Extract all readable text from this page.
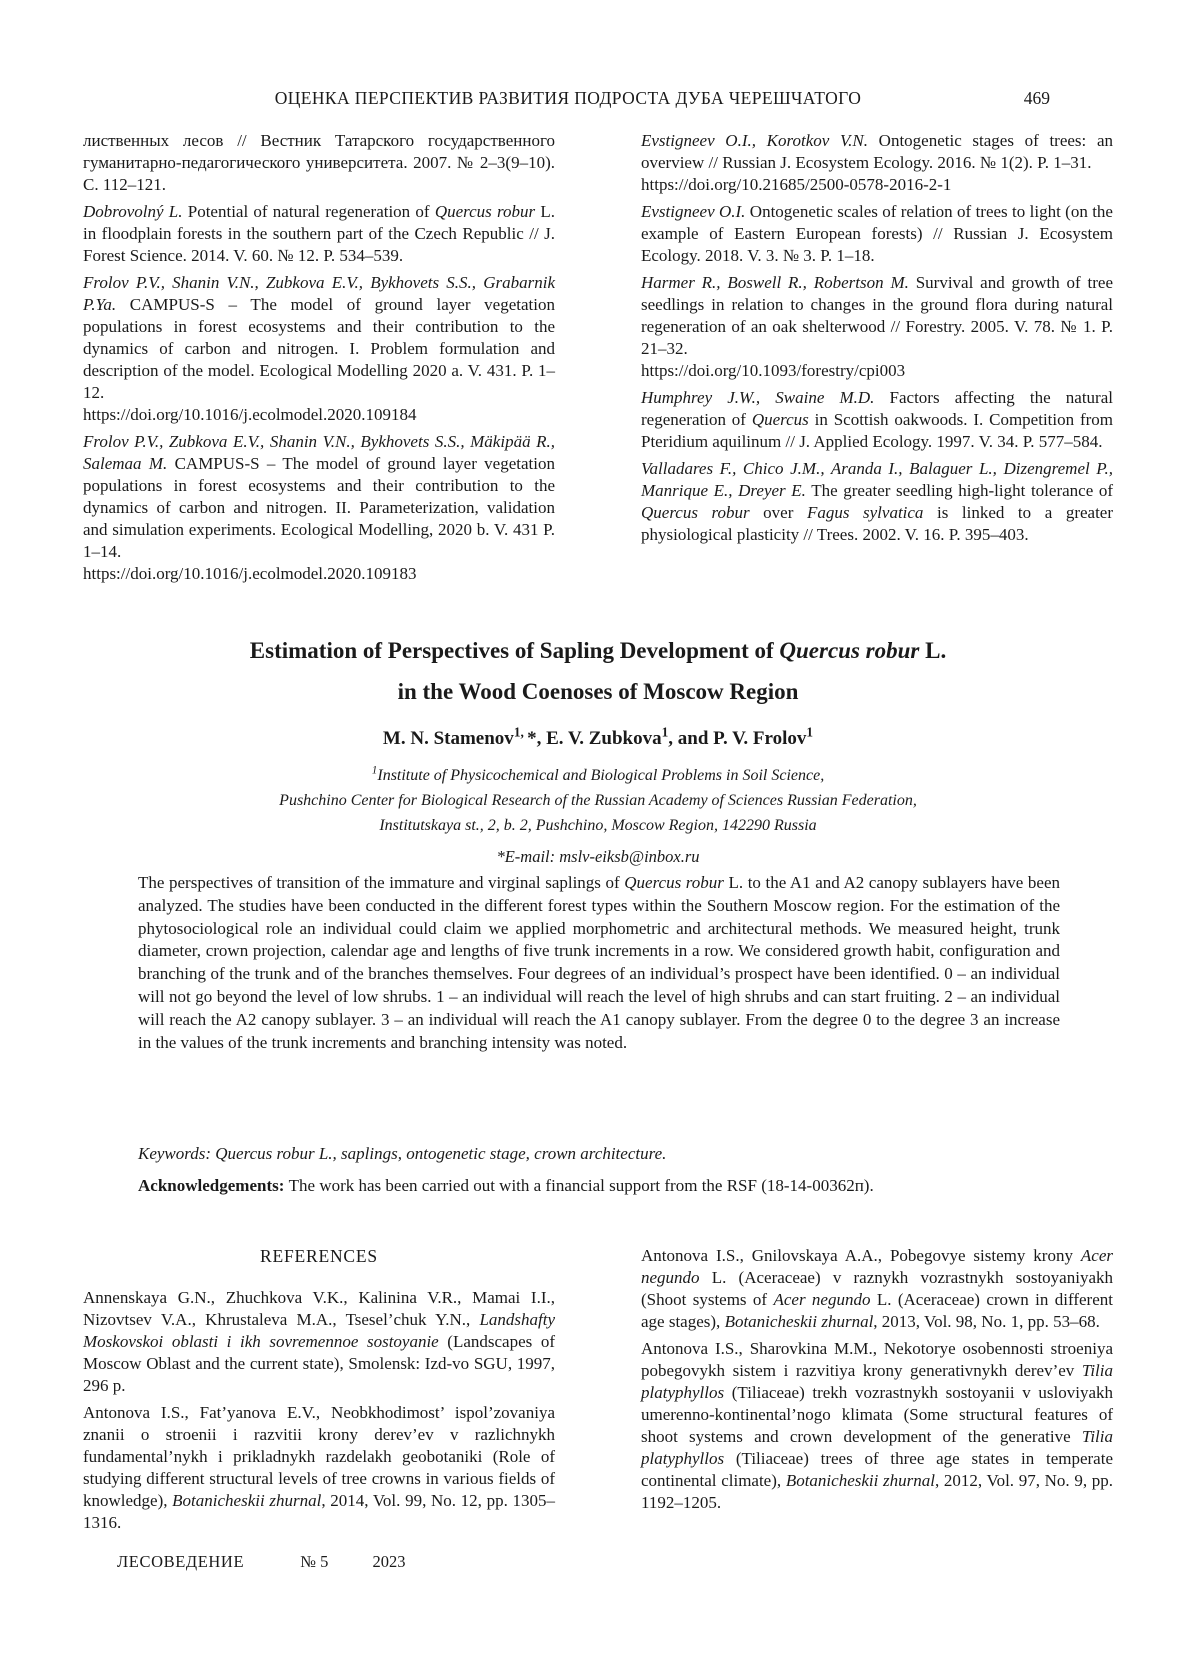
ОЦЕНКА ПЕРСПЕКТИВ РАЗВИТИЯ ПОДРОСТА ДУБА ЧЕРЕШЧАТОГО	469
лиственных лесов // Вестник Татарского государственного гуманитарно-педагогического университета. 2007. № 2–3(9–10). С. 112–121.
Dobrovolný L. Potential of natural regeneration of Quercus robur L. in floodplain forests in the southern part of the Czech Republic // J. Forest Science. 2014. V. 60. № 12. P. 534–539.
Frolov P.V., Shanin V.N., Zubkova E.V., Bykhovets S.S., Grabarnik P.Ya. CAMPUS-S – The model of ground layer vegetation populations in forest ecosystems and their contribution to the dynamics of carbon and nitrogen. I. Problem formulation and description of the model. Ecological Modelling 2020 a. V. 431. P. 1–12.
https://doi.org/10.1016/j.ecolmodel.2020.109184
Frolov P.V., Zubkova E.V., Shanin V.N., Bykhovets S.S., Mäkipää R., Salemaa M. CAMPUS-S – The model of ground layer vegetation populations in forest ecosystems and their contribution to the dynamics of carbon and nitrogen. II. Parameterization, validation and simulation experiments. Ecological Modelling, 2020 b. V. 431 P. 1–14.
https://doi.org/10.1016/j.ecolmodel.2020.109183
Evstigneev O.I., Korotkov V.N. Ontogenetic stages of trees: an overview // Russian J. Ecosystem Ecology. 2016. № 1(2). P. 1–31.
https://doi.org/10.21685/2500-0578-2016-2-1
Evstigneev O.I. Ontogenetic scales of relation of trees to light (on the example of Eastern European forests) // Russian J. Ecosystem Ecology. 2018. V. 3. № 3. P. 1–18.
Harmer R., Boswell R., Robertson M. Survival and growth of tree seedlings in relation to changes in the ground flora during natural regeneration of an oak shelterwood // Forestry. 2005. V. 78. № 1. P. 21–32.
https://doi.org/10.1093/forestry/cpi003
Humphrey J.W., Swaine M.D. Factors affecting the natural regeneration of Quercus in Scottish oakwoods. I. Competition from Pteridium aquilinum // J. Applied Ecology. 1997. V. 34. P. 577–584.
Valladares F., Chico J.M., Aranda I., Balaguer L., Dizengremel P., Manrique E., Dreyer E. The greater seedling high-light tolerance of Quercus robur over Fagus sylvatica is linked to a greater physiological plasticity // Trees. 2002. V. 16. P. 395–403.
Estimation of Perspectives of Sapling Development of Quercus robur L.
in the Wood Coenoses of Moscow Region
M. N. Stamenov$^{1,}$ *, E. V. Zubkova$^1$, and P. V. Frolov$^1$
$^1$Institute of Physicochemical and Biological Problems in Soil Science,
Pushchino Center for Biological Research of the Russian Academy of Sciences Russian Federation,
Institutskaya st., 2, b. 2, Pushchino, Moscow Region, 142290 Russia
*E-mail: mslv-eiksb@inbox.ru
The perspectives of transition of the immature and virginal saplings of Quercus robur L. to the A1 and A2 canopy sublayers have been analyzed. The studies have been conducted in the different forest types within the Southern Moscow region. For the estimation of the phytosociological role an individual could claim we applied morphometric and architectural methods. We measured height, trunk diameter, crown projection, calendar age and lengths of five trunk increments in a row. We considered growth habit, configuration and branching of the trunk and of the branches themselves. Four degrees of an individual’s prospect have been identified. 0 – an individual will not go beyond the level of low shrubs. 1 – an individual will reach the level of high shrubs and can start fruiting. 2 – an individual will reach the A2 canopy sublayer. 3 – an individual will reach the A1 canopy sublayer. From the degree 0 to the degree 3 an increase in the values of the trunk increments and branching intensity was noted.
Keywords: Quercus robur L., saplings, ontogenetic stage, crown architecture.
Acknowledgements: The work has been carried out with a financial support from the RSF (18-14-00362п).
REFERENCES
Annenskaya G.N., Zhuchkova V.K., Kalinina V.R., Mamai I.I., Nizovtsev V.A., Khrustaleva M.A., Tsesel’chuk Y.N., Landshafty Moskovskoi oblasti i ikh sovremennoe sostoyanie (Landscapes of Moscow Oblast and the current state), Smolensk: Izd-vo SGU, 1997, 296 p.
Antonova I.S., Fat’yanova E.V., Neobkhodimost’ ispol’zovaniya znanii o stroenii i razvitii krony derev’ev v razlichnykh fundamental’nykh i prikladnykh razdelakh geobotaniki (Role of studying different structural levels of tree crowns in various fields of knowledge), Botanicheskii zhurnal, 2014, Vol. 99, No. 12, pp. 1305–1316.
Antonova I.S., Gnilovskaya A.A., Pobegovye sistemy krony Acer negundo L. (Aceraceae) v raznykh vozrastnykh sostoyaniyakh (Shoot systems of Acer negundo L. (Aceraceae) crown in different age stages), Botanicheskii zhurnal, 2013, Vol. 98, No. 1, pp. 53–68.
Antonova I.S., Sharovkina M.M., Nekotorye osobennosti stroeniya pobegovykh sistem i razvitiya krony generativnykh derev’ev Tilia platyphyllos (Tiliaceae) trekh vozrastnykh sostoyanii v usloviyakh umerenno-kontinental’nogo klimata (Some structural features of shoot systems and crown development of the generative Tilia platyphyllos (Tiliaceae) trees of three age states in temperate continental climate), Botanicheskii zhurnal, 2012, Vol. 97, No. 9, pp. 1192–1205.
ЛЕСОВЕДЕНИЕ	№ 5	2023
